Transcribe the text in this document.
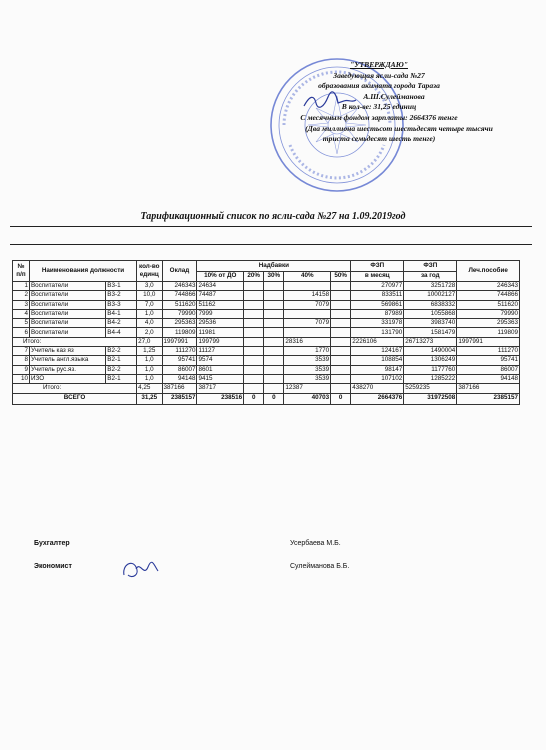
"УТВЕРЖДАЮ"
Заведующая ясли-сада №27
образования акимата города Тараза
А.Ш.Сулейманова
В кол-ве: 31,25 единиц
С месячным фондом зарплаты: 2664376 тенге
(Два миллиона шестьсот шестьдесят четыре тысячи
триста семьдесят шесть тенге)
Тарификационный список по ясли-сада №27 на 1.09.2019год
№ п/п	Наименования должности		кол-во единц	Оклад	Надбавки					ФЗП	ФЗП	Леч.пособие
					10% от ДО	20%	30%	40%	50%	в месяц	за год	
1	Воспитатели	В3-1	3,0	246343	24634					270977	3251728	246343
2	Воспитатели	В3-2	10,0	744866	74487			14158		833511	10002127	744866
3	Воспитатели	В3-3	7,0	511620	51162			7079		569861	6838332	511620
4	Воспитатели	В4-1	1,0	79990	7999					87989	1055868	79990
5	Воспитатели	В4-2	4,0	295363	29536			7079		331978	3983740	295363
6	Воспитатели	В4-4	2,0	119809	11981					131790	1581479	119809
Итого:			27,0	1997991	199799			28316		2226106	26713273	1997991
7	Учитель каз яз	В2-2	1,25	111270	11127			1770		124167	1490004	111270
8	Учитель англ.языка	В2-1	1,0	95741	9574			3539		108854	1306249	95741
9	Учитель рус.яз.	В2-2	1,0	86007	8601			3539		98147	1177760	86007
10	ИЗО	В2-1	1,0	94148	9415			3539		107102	1285222	94148
Итого:			4,25	387166	38717			12387		438270	5259235	387166
ВСЕГО			31,25	2385157	238516	0	0	40703	0	2664376	31972508	2385157
Бухгалтер	Усербаева М.Б.
Экономист	Сулейманова Б.Б.
